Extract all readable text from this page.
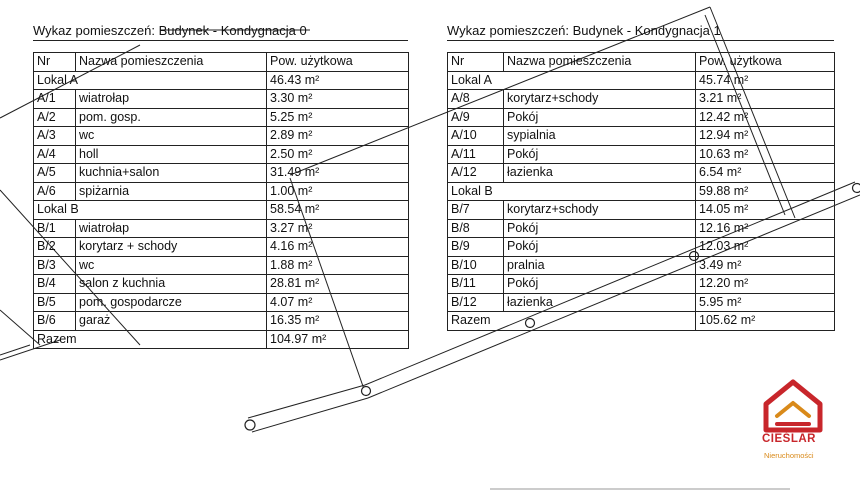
Wykaz pomieszczeń: Budynek - Kondygnacja 0
Nr	Nazwa pomieszczenia	Pow. użytkowa
Lokal A		46.43 m²
A/1	wiatrołap	3.30 m²
A/2	pom. gosp.	5.25 m²
A/3	wc	2.89 m²
A/4	holl	2.50 m²
A/5	kuchnia+salon	31.49 m²
A/6	spiżarnia	1.00 m²
Lokal B		58.54 m²
B/1	wiatrołap	3.27 m²
B/2	korytarz + schody	4.16 m²
B/3	wc	1.88 m²
B/4	salon z kuchnia	28.81 m²
B/5	pom. gospodarcze	4.07 m²
B/6	garaż	16.35 m²
Razem		104.97 m²
Wykaz pomieszczeń: Budynek - Kondygnacja 1
Nr	Nazwa pomieszczenia	Pow. użytkowa
Lokal A		45.74 m²
A/8	korytarz+schody	3.21 m²
A/9	Pokój	12.42 m²
A/10	sypialnia	12.94 m²
A/11	Pokój	10.63 m²
A/12	łazienka	6.54 m²
Lokal B		59.88 m²
B/7	korytarz+schody	14.05 m²
B/8	Pokój	12.16 m²
B/9	Pokój	12.03 m²
B/10	pralnia	3.49 m²
B/11	Pokój	12.20 m²
B/12	łazienka	5.95 m²
Razem		105.62 m²
CIEŚLAR
Nieruchomości
